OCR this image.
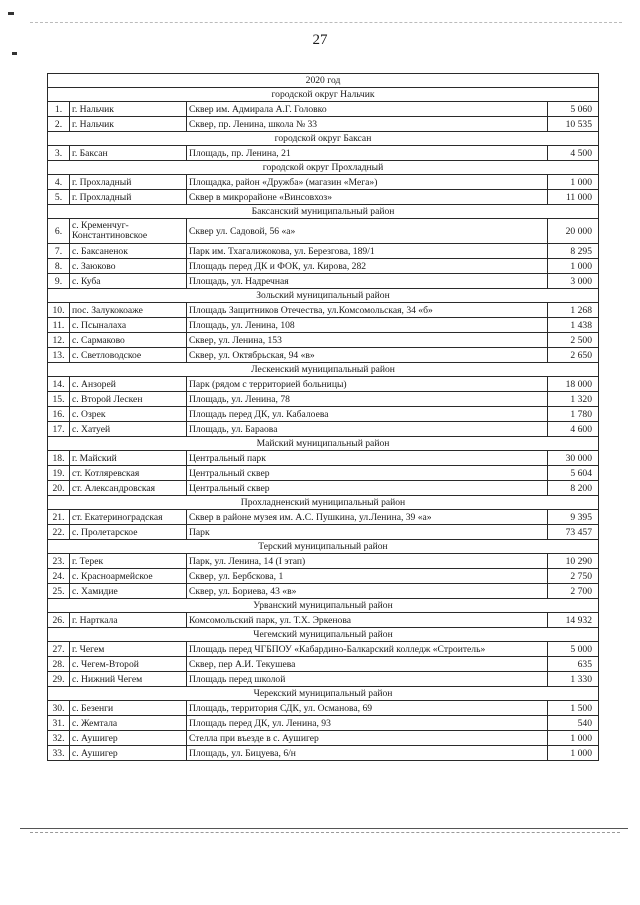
27
2020 год			
городской округ Нальчик			
1.	г. Нальчик	Сквер им. Адмирала А.Г. Головко	5 060
2.	г. Нальчик	Сквер, пр. Ленина, школа № 33	10 535
городской округ Баксан			
3.	г. Баксан	Площадь, пр. Ленина, 21	4 500
городской округ Прохладный			
4.	г. Прохладный	Площадка, район «Дружба» (магазин «Мега»)	1 000
5.	г. Прохладный	Сквер в микрорайоне «Винсовхоз»	11 000
Баксанский муниципальный район			
6.	с. Кременчуг-Константиновское	Сквер ул. Садовой, 56 «а»	20 000
7.	с. Баксаненок	Парк им. Тхагалижокова, ул. Березгова, 189/1	8 295
8.	с. Заюково	Площадь перед ДК и ФОК, ул. Кирова, 282	1 000
9.	с. Куба	Площадь, ул. Надречная	3 000
Зольский муниципальный район			
10.	пос. Залукокоаже	Площадь Защитников Отечества, ул.Комсомольская, 34 «б»	1 268
11.	с. Псыналаха	Площадь, ул. Ленина, 108	1 438
12.	с. Сармаково	Сквер, ул. Ленина, 153	2 500
13.	с. Светловодское	Сквер, ул. Октябрьская, 94 «в»	2 650
Лескенский муниципальный район			
14.	с. Анзорей	Парк (рядом с территорией больницы)	18 000
15.	с. Второй Лескен	Площадь, ул. Ленина, 78	1 320
16.	с. Озрек	Площадь перед ДК, ул. Кабалоева	1 780
17.	с. Хатуей	Площадь, ул. Бараова	4 600
Майский муниципальный район			
18.	г. Майский	Центральный парк	30 000
19.	ст. Котляревская	Центральный сквер	5 604
20.	ст. Александровская	Центральный сквер	8 200
Прохладненский муниципальный район			
21.	ст. Екатериноградская	Сквер в районе музея им. А.С. Пушкина, ул.Ленина, 39 «а»	9 395
22.	с. Пролетарское	Парк	73 457
Терский муниципальный район			
23.	г. Терек	Парк, ул. Ленина, 14 (I этап)	10 290
24.	с. Красноармейское	Сквер, ул. Бербскова, 1	2 750
25.	с. Хамидие	Сквер, ул. Бориева, 43 «в»	2 700
Урванский муниципальный район			
26.	г. Нарткала	Комсомольский парк, ул. Т.Х. Эркенова	14 932
Чегемский муниципальный район			
27.	г. Чегем	Площадь перед ЧГБПОУ «Кабардино-Балкарский колледж «Строитель»	5 000
28.	с. Чегем-Второй	Сквер, пер А.И. Текушева	635
29.	с. Нижний Чегем	Площадь перед школой	1 330
Черекский муниципальный район			
30.	с. Безенги	Площадь, территория СДК, ул. Османова, 69	1 500
31.	с. Жемтала	Площадь перед ДК, ул. Ленина, 93	540
32.	с. Аушигер	Стелла при въезде в с. Аушигер	1 000
33.	с. Аушигер	Площадь, ул. Бицуева, 6/н	1 000
